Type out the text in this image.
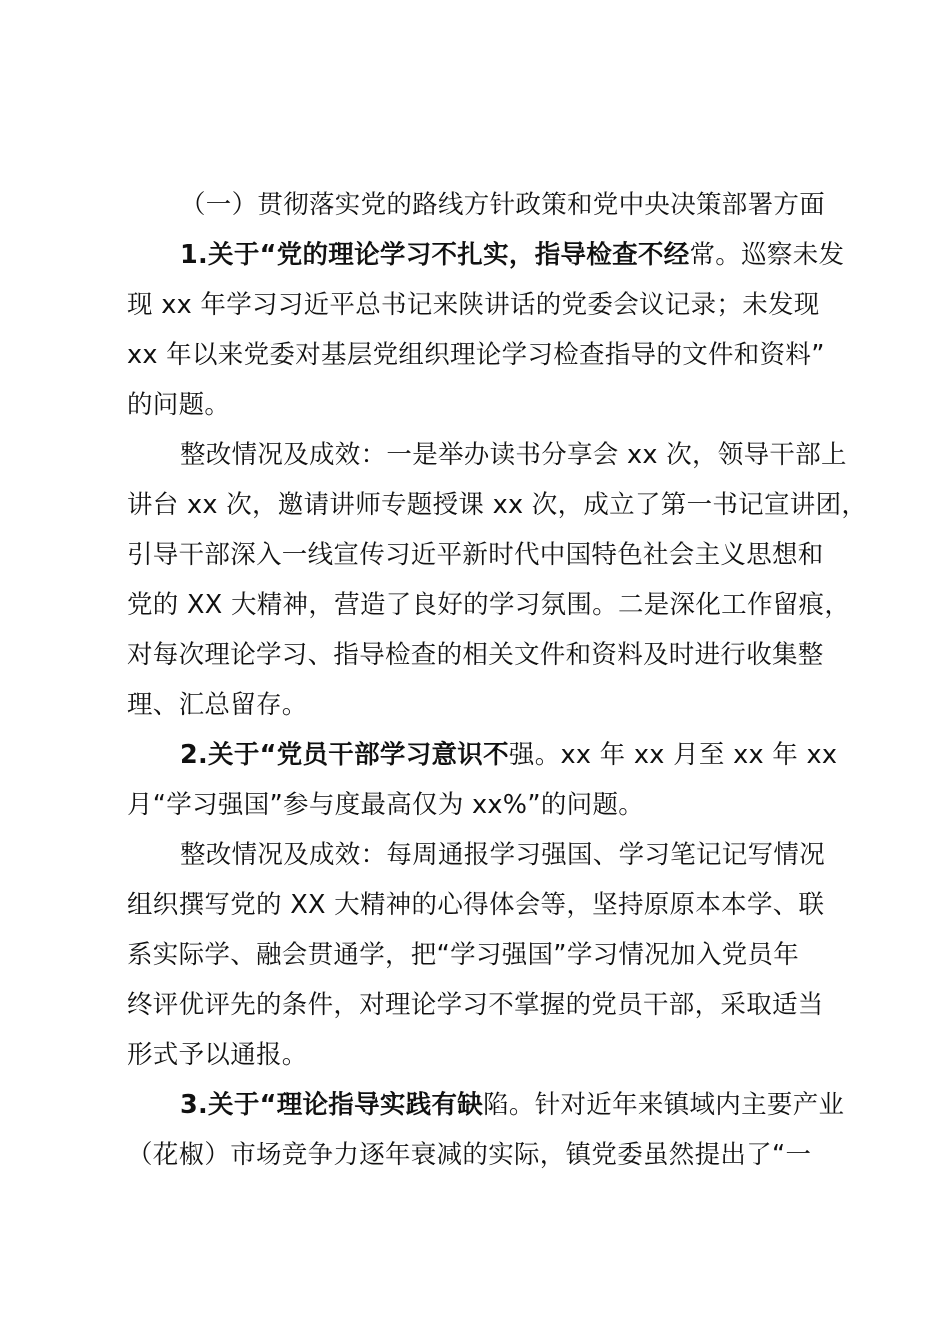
（一）贯彻落实党的路线方针政策和党中央决策部署方面
1.关于“党的理论学习不扎实，指导检查不经常。巡察未发
现 xx 年学习习近平总书记来陕讲话的党委会议记录；未发现
xx 年以来党委对基层党组织理论学习检查指导的文件和资料”
的问题。
整改情况及成效：一是举办读书分享会 xx 次，领导干部上
讲台 xx 次，邀请讲师专题授课 xx 次，成立了第一书记宣讲团，
引导干部深入一线宣传习近平新时代中国特色社会主义思想和
党的 XX 大精神，营造了良好的学习氛围。二是深化工作留痕，
对每次理论学习、指导检查的相关文件和资料及时进行收集整
理、汇总留存。
2.关于“党员干部学习意识不强。xx 年 xx 月至 xx 年 xx
月“学习强国”参与度最高仅为 xx%”的问题。
整改情况及成效：每周通报学习强国、学习笔记记写情况
组织撰写党的 XX 大精神的心得体会等，坚持原原本本学、联
系实际学、融会贯通学，把“学习强国”学习情况加入党员年
终评优评先的条件，对理论学习不掌握的党员干部，采取适当
形式予以通报。
3.关于“理论指导实践有缺陷。针对近年来镇域内主要产业
（花椒）市场竞争力逐年衰减的实际，镇党委虽然提出了“一
